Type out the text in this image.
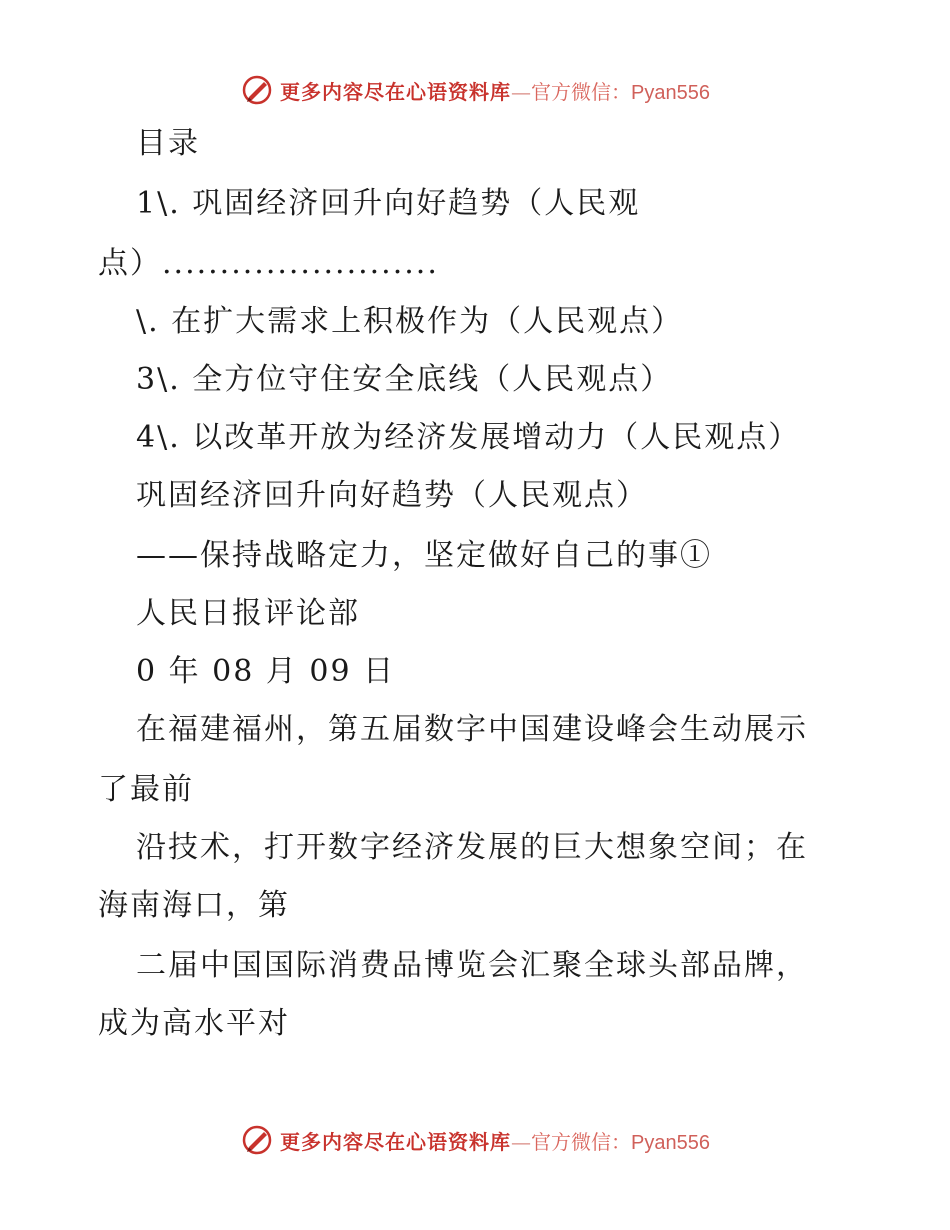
更多内容尽在心语资料库—官方微信：Pyan556
目录
1\. 巩固经济回升向好趋势（人民观
点）........................
\. 在扩大需求上积极作为（人民观点）
3\. 全方位守住安全底线（人民观点）
4\. 以改革开放为经济发展增动力（人民观点）
巩固经济回升向好趋势（人民观点）
——保持战略定力，坚定做好自己的事①
人民日报评论部
0 年 08 月 09 日
在福建福州，第五届数字中国建设峰会生动展示
了最前
沿技术，打开数字经济发展的巨大想象空间；在
海南海口，第
二届中国国际消费品博览会汇聚全球头部品牌，
成为高水平对
更多内容尽在心语资料库—官方微信：Pyan556
